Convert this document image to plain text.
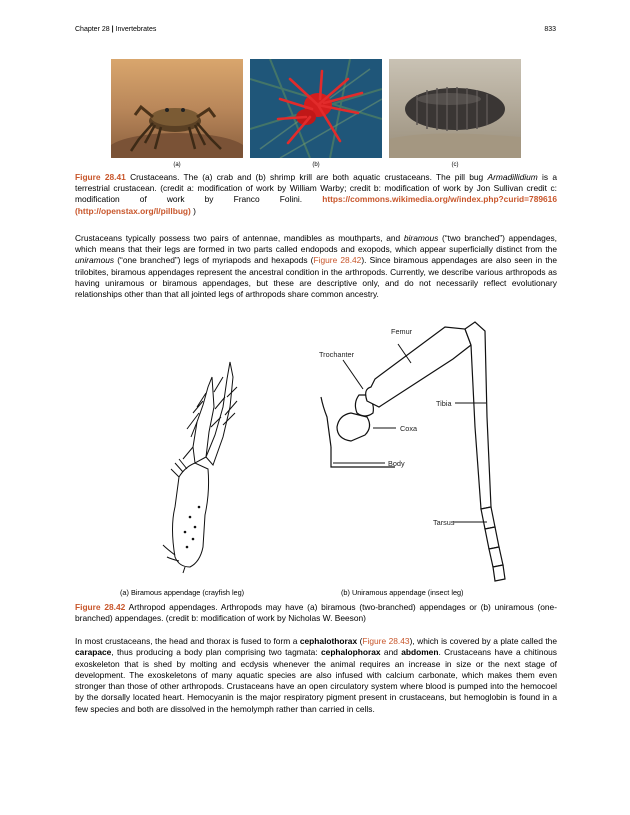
Chapter 28 | Invertebrates	833
(a)	(b)	(c)

Figure 28.41 Crustaceans. The (a) crab and (b) shrimp krill are both aquatic crustaceans. The pill bug Armadillidium is a terrestrial crustacean. (credit a: modification of work by William Warby; credit b: modification of work by Jon Sullivan credit c: modification of work by Franco Folini. https://commons.wikimedia.org/w/index.php?curid=789616 (http://openstax.org/l/pillbug) )

Crustaceans typically possess two pairs of antennae, mandibles as mouthparts, and biramous (“two branched”) appendages, which means that their legs are formed in two parts called endopods and exopods, which appear superficially distinct from the uniramous (“one branched”) legs of myriapods and hexapods (Figure 28.42). Since biramous appendages are also seen in the trilobites, biramous appendages represent the ancestral condition in the arthropods. Currently, we describe various arthropods as having uniramous or biramous appendages, but these are descriptive only, and do not necessarily reflect evolutionary relationships other than that all jointed legs of arthropods share common ancestry.

Femur
Trochanter
Tibia
Coxa
Body
Tarsus
(a) Biramous appendage (crayfish leg)	(b) Uniramous appendage (insect leg)

Figure 28.42 Arthropod appendages. Arthropods may have (a) biramous (two-branched) appendages or (b) uniramous (one-branched) appendages. (credit b: modification of work by Nicholas W. Beeson)

In most crustaceans, the head and thorax is fused to form a cephalothorax (Figure 28.43), which is covered by a plate called the carapace, thus producing a body plan comprising two tagmata: cephalophorax and abdomen. Crustaceans have a chitinous exoskeleton that is shed by molting and ecdysis whenever the animal requires an increase in size or the next stage of development. The exoskeletons of many aquatic species are also infused with calcium carbonate, which makes them even stronger than those of other arthropods. Crustaceans have an open circulatory system where blood is pumped into the hemocoel by the dorsally located heart. Hemocyanin is the major respiratory pigment present in crustaceans, but hemoglobin is found in a few species and both are dissolved in the hemolymph rather than carried in cells.
